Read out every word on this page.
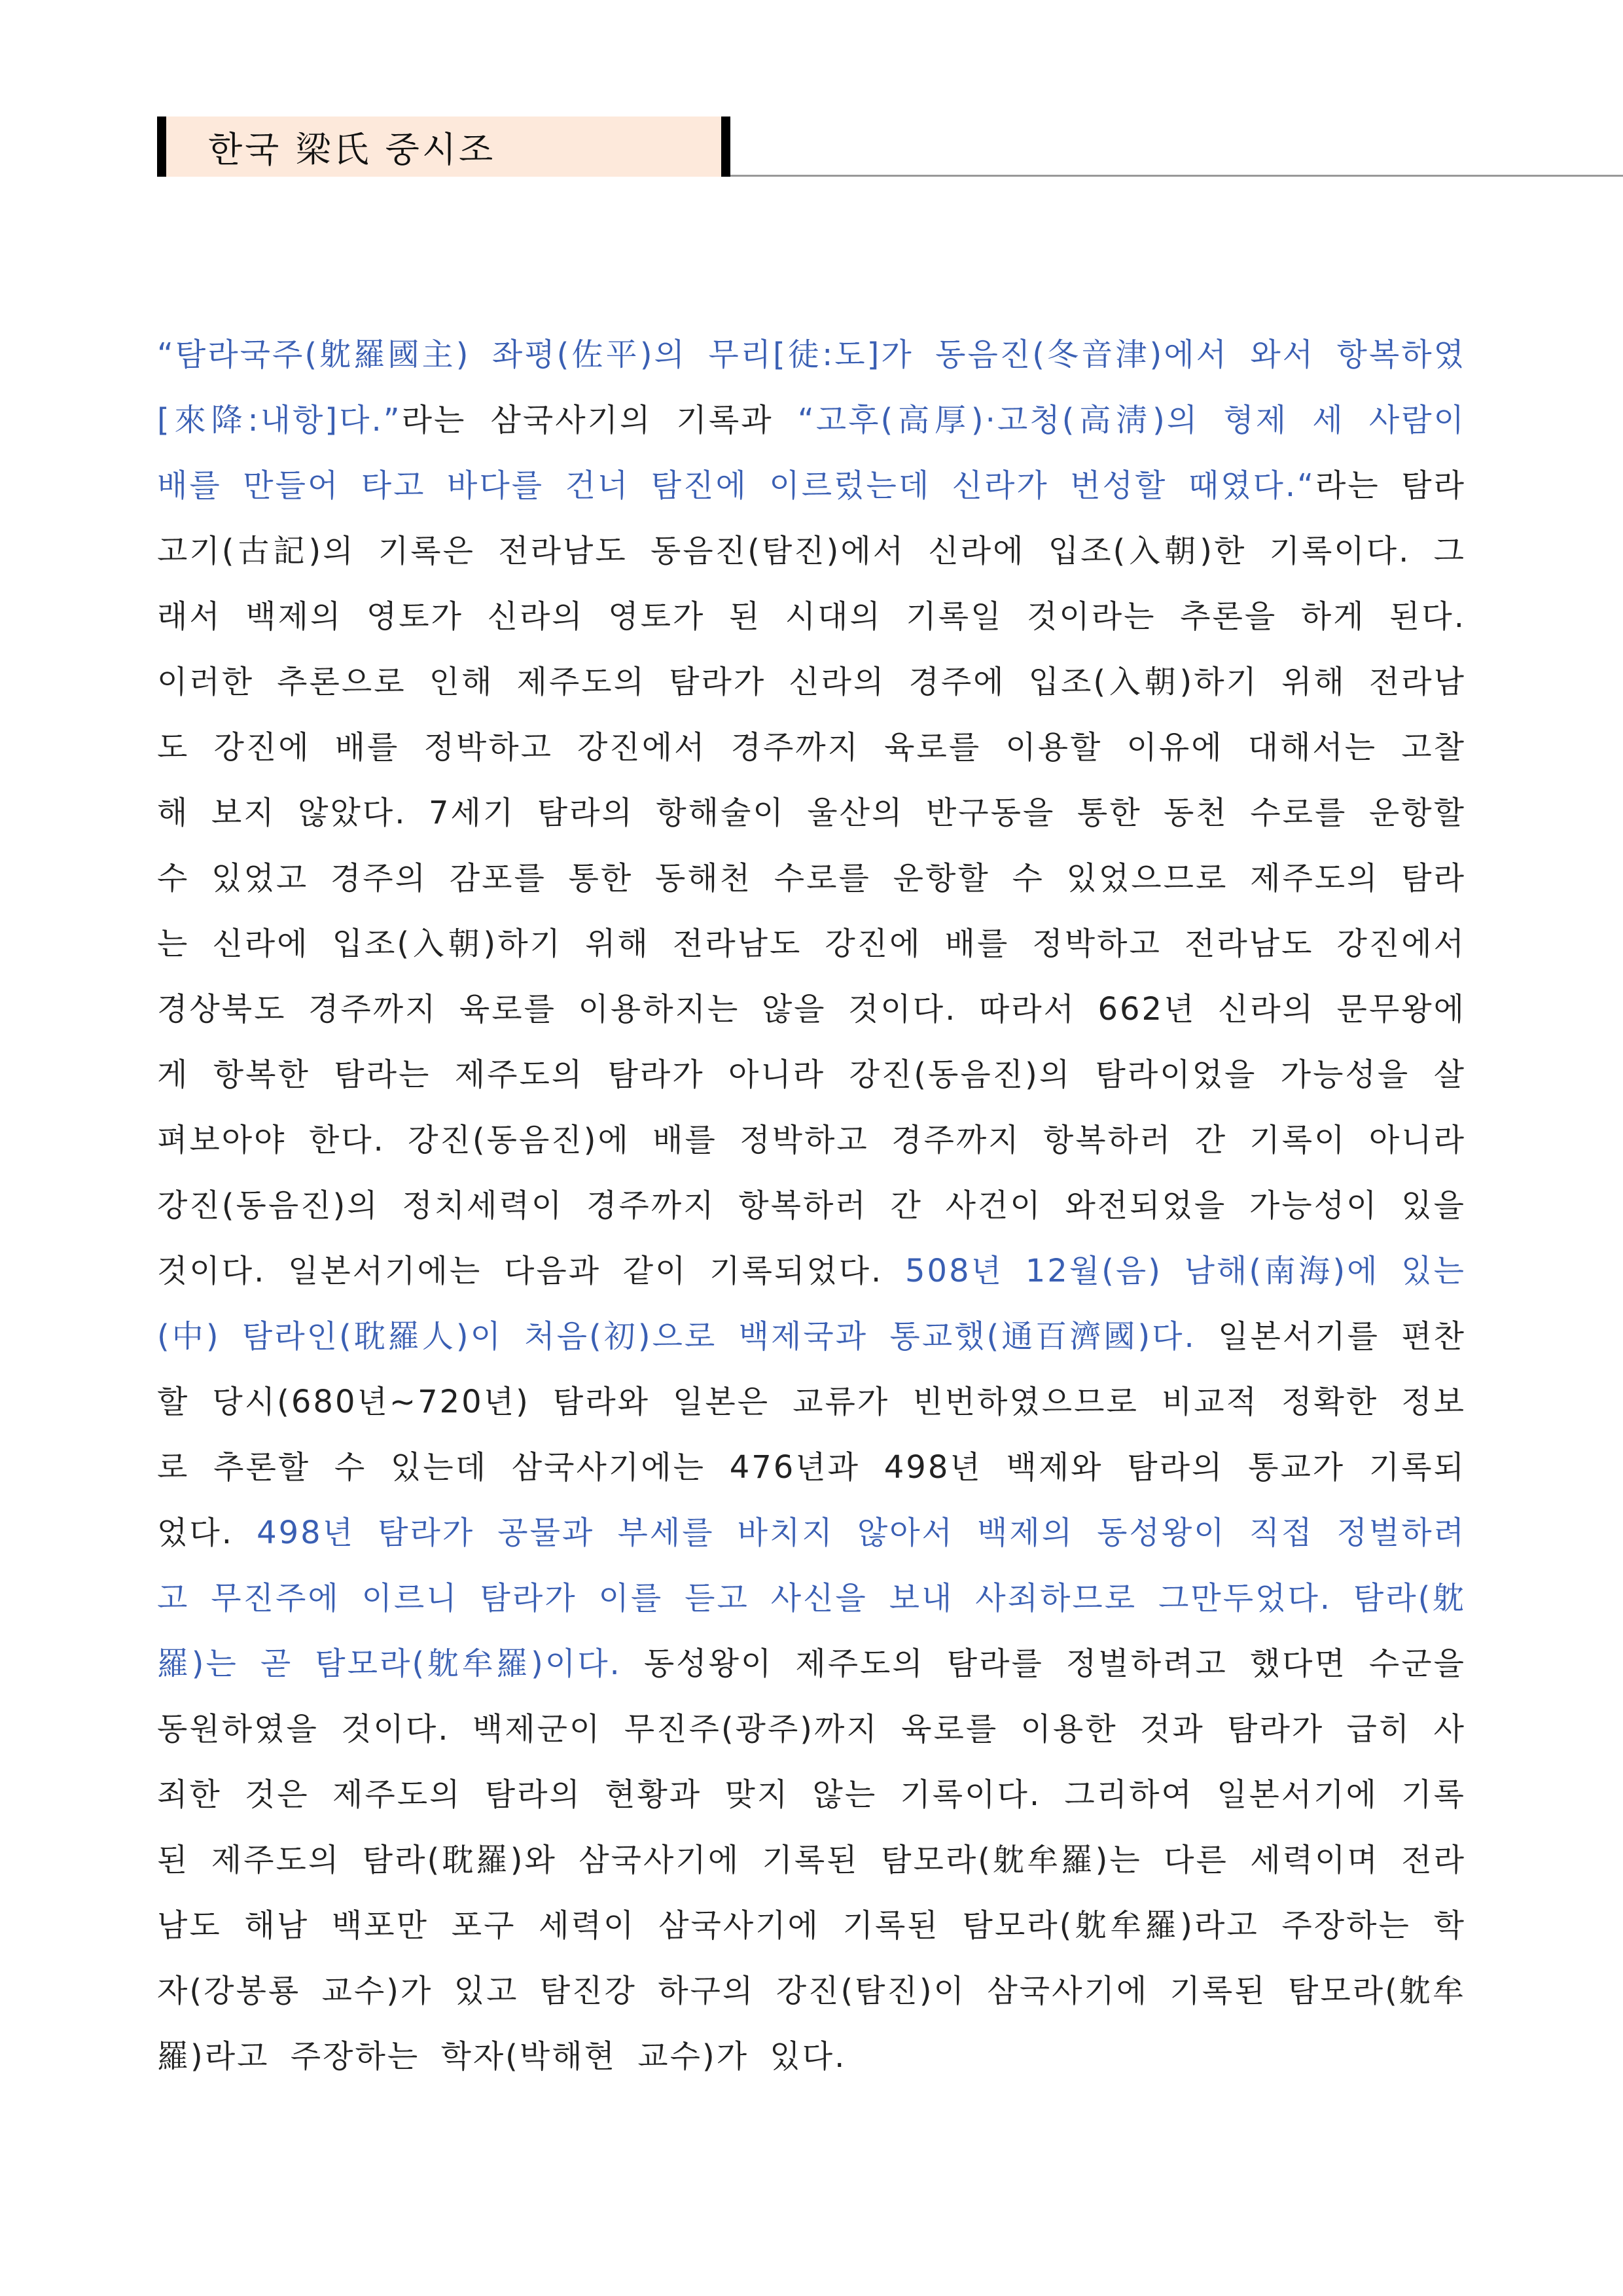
한국 梁氏 중시조

“탐라국주(躭羅國主) 좌평(佐平)의 무리[徒:도]가 동음진(冬音津)에서 와서 항복하였[來降:내항]다.”라는 삼국사기의 기록과 “고후(高厚)·고청(高淸)의 형제 세 사람이 배를 만들어 타고 바다를 건너 탐진에 이르렀는데 신라가 번성할 때였다.“라는 탐라 고기(古記)의 기록은 전라남도 동음진(탐진)에서 신라에 입조(入朝)한 기록이다. 그래서 백제의 영토가 신라의 영토가 된 시대의 기록일 것이라는 추론을 하게 된다. 이러한 추론으로 인해 제주도의 탐라가 신라의 경주에 입조(入朝)하기 위해 전라남도 강진에 배를 정박하고 강진에서 경주까지 육로를 이용할 이유에 대해서는 고찰해 보지 않았다. 7세기 탐라의 항해술이 울산의 반구동을 통한 동천 수로를 운항할 수 있었고 경주의 감포를 통한 동해천 수로를 운항할 수 있었으므로 제주도의 탐라는 신라에 입조(入朝)하기 위해 전라남도 강진에 배를 정박하고 전라남도 강진에서 경상북도 경주까지 육로를 이용하지는 않을 것이다. 따라서 662년 신라의 문무왕에게 항복한 탐라는 제주도의 탐라가 아니라 강진(동음진)의 탐라이었을 가능성을 살펴보아야 한다. 강진(동음진)에 배를 정박하고 경주까지 항복하러 간 기록이 아니라 강진(동음진)의 정치세력이 경주까지 항복하러 간 사건이 와전되었을 가능성이 있을 것이다. 일본서기에는 다음과 같이 기록되었다. 508년 12월(음) 남해(南海)에 있는(中) 탐라인(耽羅人)이 처음(初)으로 백제국과 통교했(通百濟國)다. 일본서기를 편찬할 당시(680년~720년) 탐라와 일본은 교류가 빈번하였으므로 비교적 정확한 정보로 추론할 수 있는데 삼국사기에는 476년과 498년 백제와 탐라의 통교가 기록되었다. 498년 탐라가 공물과 부세를 바치지 않아서 백제의 동성왕이 직접 정벌하려고 무진주에 이르니 탐라가 이를 듣고 사신을 보내 사죄하므로 그만두었다. 탐라(躭羅)는 곧 탐모라(躭牟羅)이다. 동성왕이 제주도의 탐라를 정벌하려고 했다면 수군을 동원하였을 것이다. 백제군이 무진주(광주)까지 육로를 이용한 것과 탐라가 급히 사죄한 것은 제주도의 탐라의 현황과 맞지 않는 기록이다. 그리하여 일본서기에 기록된 제주도의 탐라(耽羅)와 삼국사기에 기록된 탐모라(躭牟羅)는 다른 세력이며 전라남도 해남 백포만 포구 세력이 삼국사기에 기록된 탐모라(躭牟羅)라고 주장하는 학자(강봉룡 교수)가 있고 탐진강 하구의 강진(탐진)이 삼국사기에 기록된 탐모라(躭牟羅)라고 주장하는 학자(박해현 교수)가 있다.
